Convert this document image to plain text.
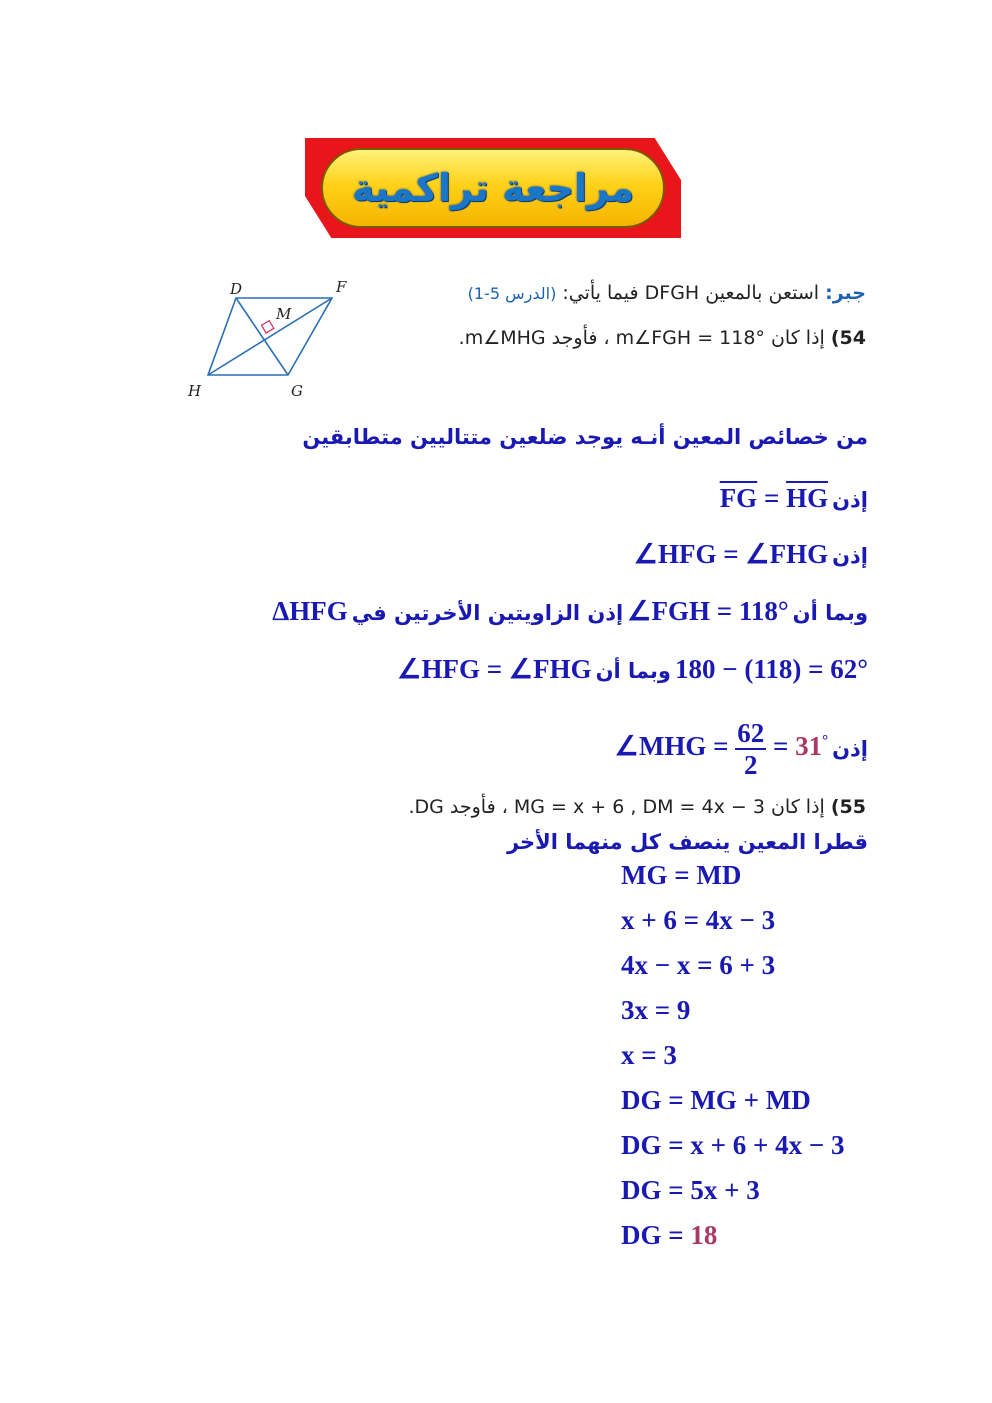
مراجعة تراكمية
D	F
M
H	G
جبر: استعن بالمعين DFGH فيما يأتي: (الدرس 5-1)
54) إذا كان m∠FGH = 118° ، فأوجد m∠MHG.
من خصائص المعين أنـه يوجد ضلعين متتاليين متطابقين
إذن $\overline{FG} = \overline{HG}$
إذن ∠HFG = ∠FHG
وبما أن ∠FGH = 118° إذن الزاويتين الأخرتين في ΔHFG
180 − (118) = 62° وبما أن ∠HFG = ∠FHG
إذن ∠MHG = $\frac{62}{2} = 31^\circ$
55) إذا كان MG = x + 6 , DM = 4x − 3 ، فأوجد DG.
قطرا المعين ينصف كل منهما الأخر
MG = MD
x + 6 = 4x − 3
4x − x = 6 + 3
3x = 9
x = 3
DG = MG + MD
DG = x + 6 + 4x − 3
DG = 5x + 3
DG = 18
